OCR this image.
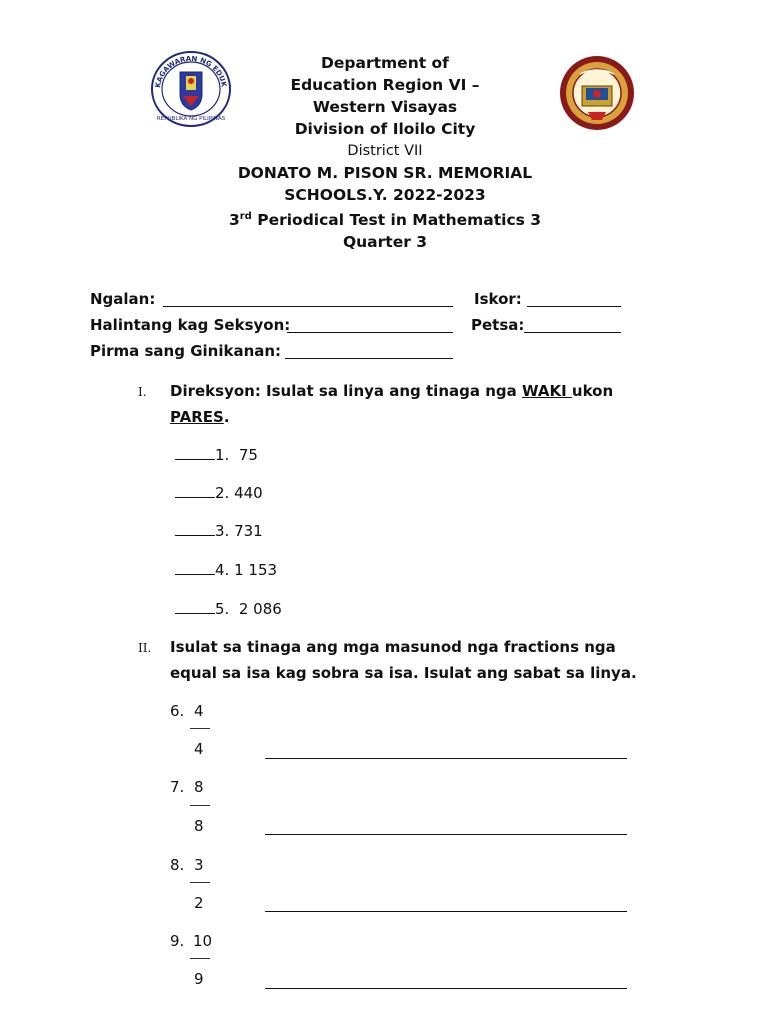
KAGAWARAN NG EDUK
REPUBLIKA NG PILIPINAS
Department of
Education Region VI –
Western Visayas
Division of Iloilo City
District VII
DONATO M. PISON SR. MEMORIAL
SCHOOLS.Y. 2022-2023
3rd Periodical Test in Mathematics 3
Quarter 3
Ngalan:	Iskor:
Halintang kag Seksyon:	Petsa:
Pirma sang Ginikanan:
I. Direksyon: Isulat sa linya ang tinaga nga WAKI ukon
PARES.
1. 75
2. 440
3. 731
4. 1 153
5. 2 086
II. Isulat sa tinaga ang mga masunod nga fractions nga
equal sa isa kag sobra sa isa. Isulat ang sabat sa linya.
6. 4
4
7. 8
8
8. 3
2
9. 10
9
